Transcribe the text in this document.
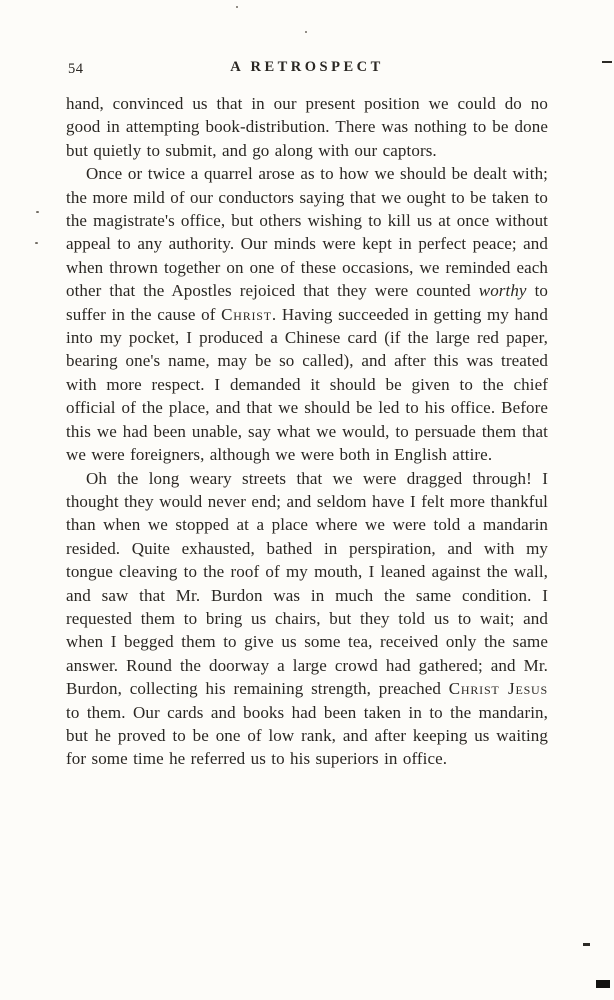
54	A RETROSPECT

hand, convinced us that in our present position we could do no good in attempting book-distribution. There was nothing to be done but quietly to submit, and go along with our captors.

Once or twice a quarrel arose as to how we should be dealt with; the more mild of our conductors saying that we ought to be taken to the magistrate's office, but others wishing to kill us at once without appeal to any authority. Our minds were kept in perfect peace; and when thrown together on one of these occasions, we reminded each other that the Apostles rejoiced that they were counted worthy to suffer in the cause of Christ. Having succeeded in getting my hand into my pocket, I produced a Chinese card (if the large red paper, bearing one's name, may be so called), and after this was treated with more respect. I demanded it should be given to the chief official of the place, and that we should be led to his office. Before this we had been unable, say what we would, to persuade them that we were foreigners, although we were both in English attire.

Oh the long weary streets that we were dragged through! I thought they would never end; and seldom have I felt more thankful than when we stopped at a place where we were told a mandarin resided. Quite exhausted, bathed in perspiration, and with my tongue cleaving to the roof of my mouth, I leaned against the wall, and saw that Mr. Burdon was in much the same condition. I requested them to bring us chairs, but they told us to wait; and when I begged them to give us some tea, received only the same answer. Round the doorway a large crowd had gathered; and Mr. Burdon, collecting his remaining strength, preached Christ Jesus to them. Our cards and books had been taken in to the mandarin, but he proved to be one of low rank, and after keeping us waiting for some time he referred us to his superiors in office.
